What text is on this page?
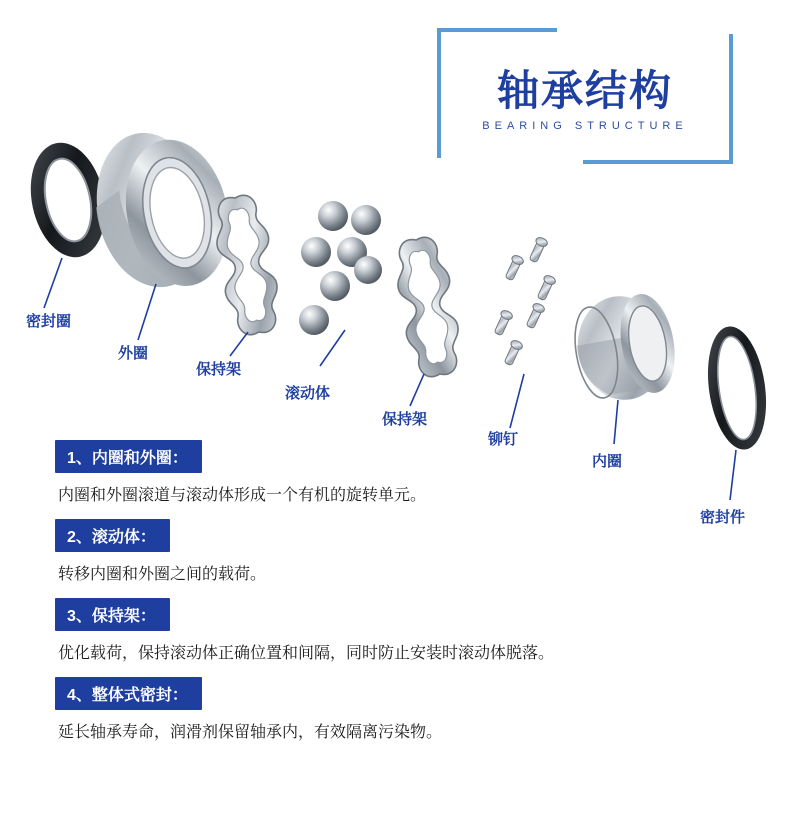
轴承结构
BEARING STRUCTURE
密封圈
外圈
保持架
滚动体
保持架
铆钉
内圈
密封件
1、内圈和外圈：
内圈和外圈滚道与滚动体形成一个有机的旋转单元。
2、滚动体：
转移内圈和外圈之间的载荷。
3、保持架：
优化载荷，保持滚动体正确位置和间隔，同时防止安装时滚动体脱落。
4、整体式密封：
延长轴承寿命，润滑剂保留轴承内，有效隔离污染物。
